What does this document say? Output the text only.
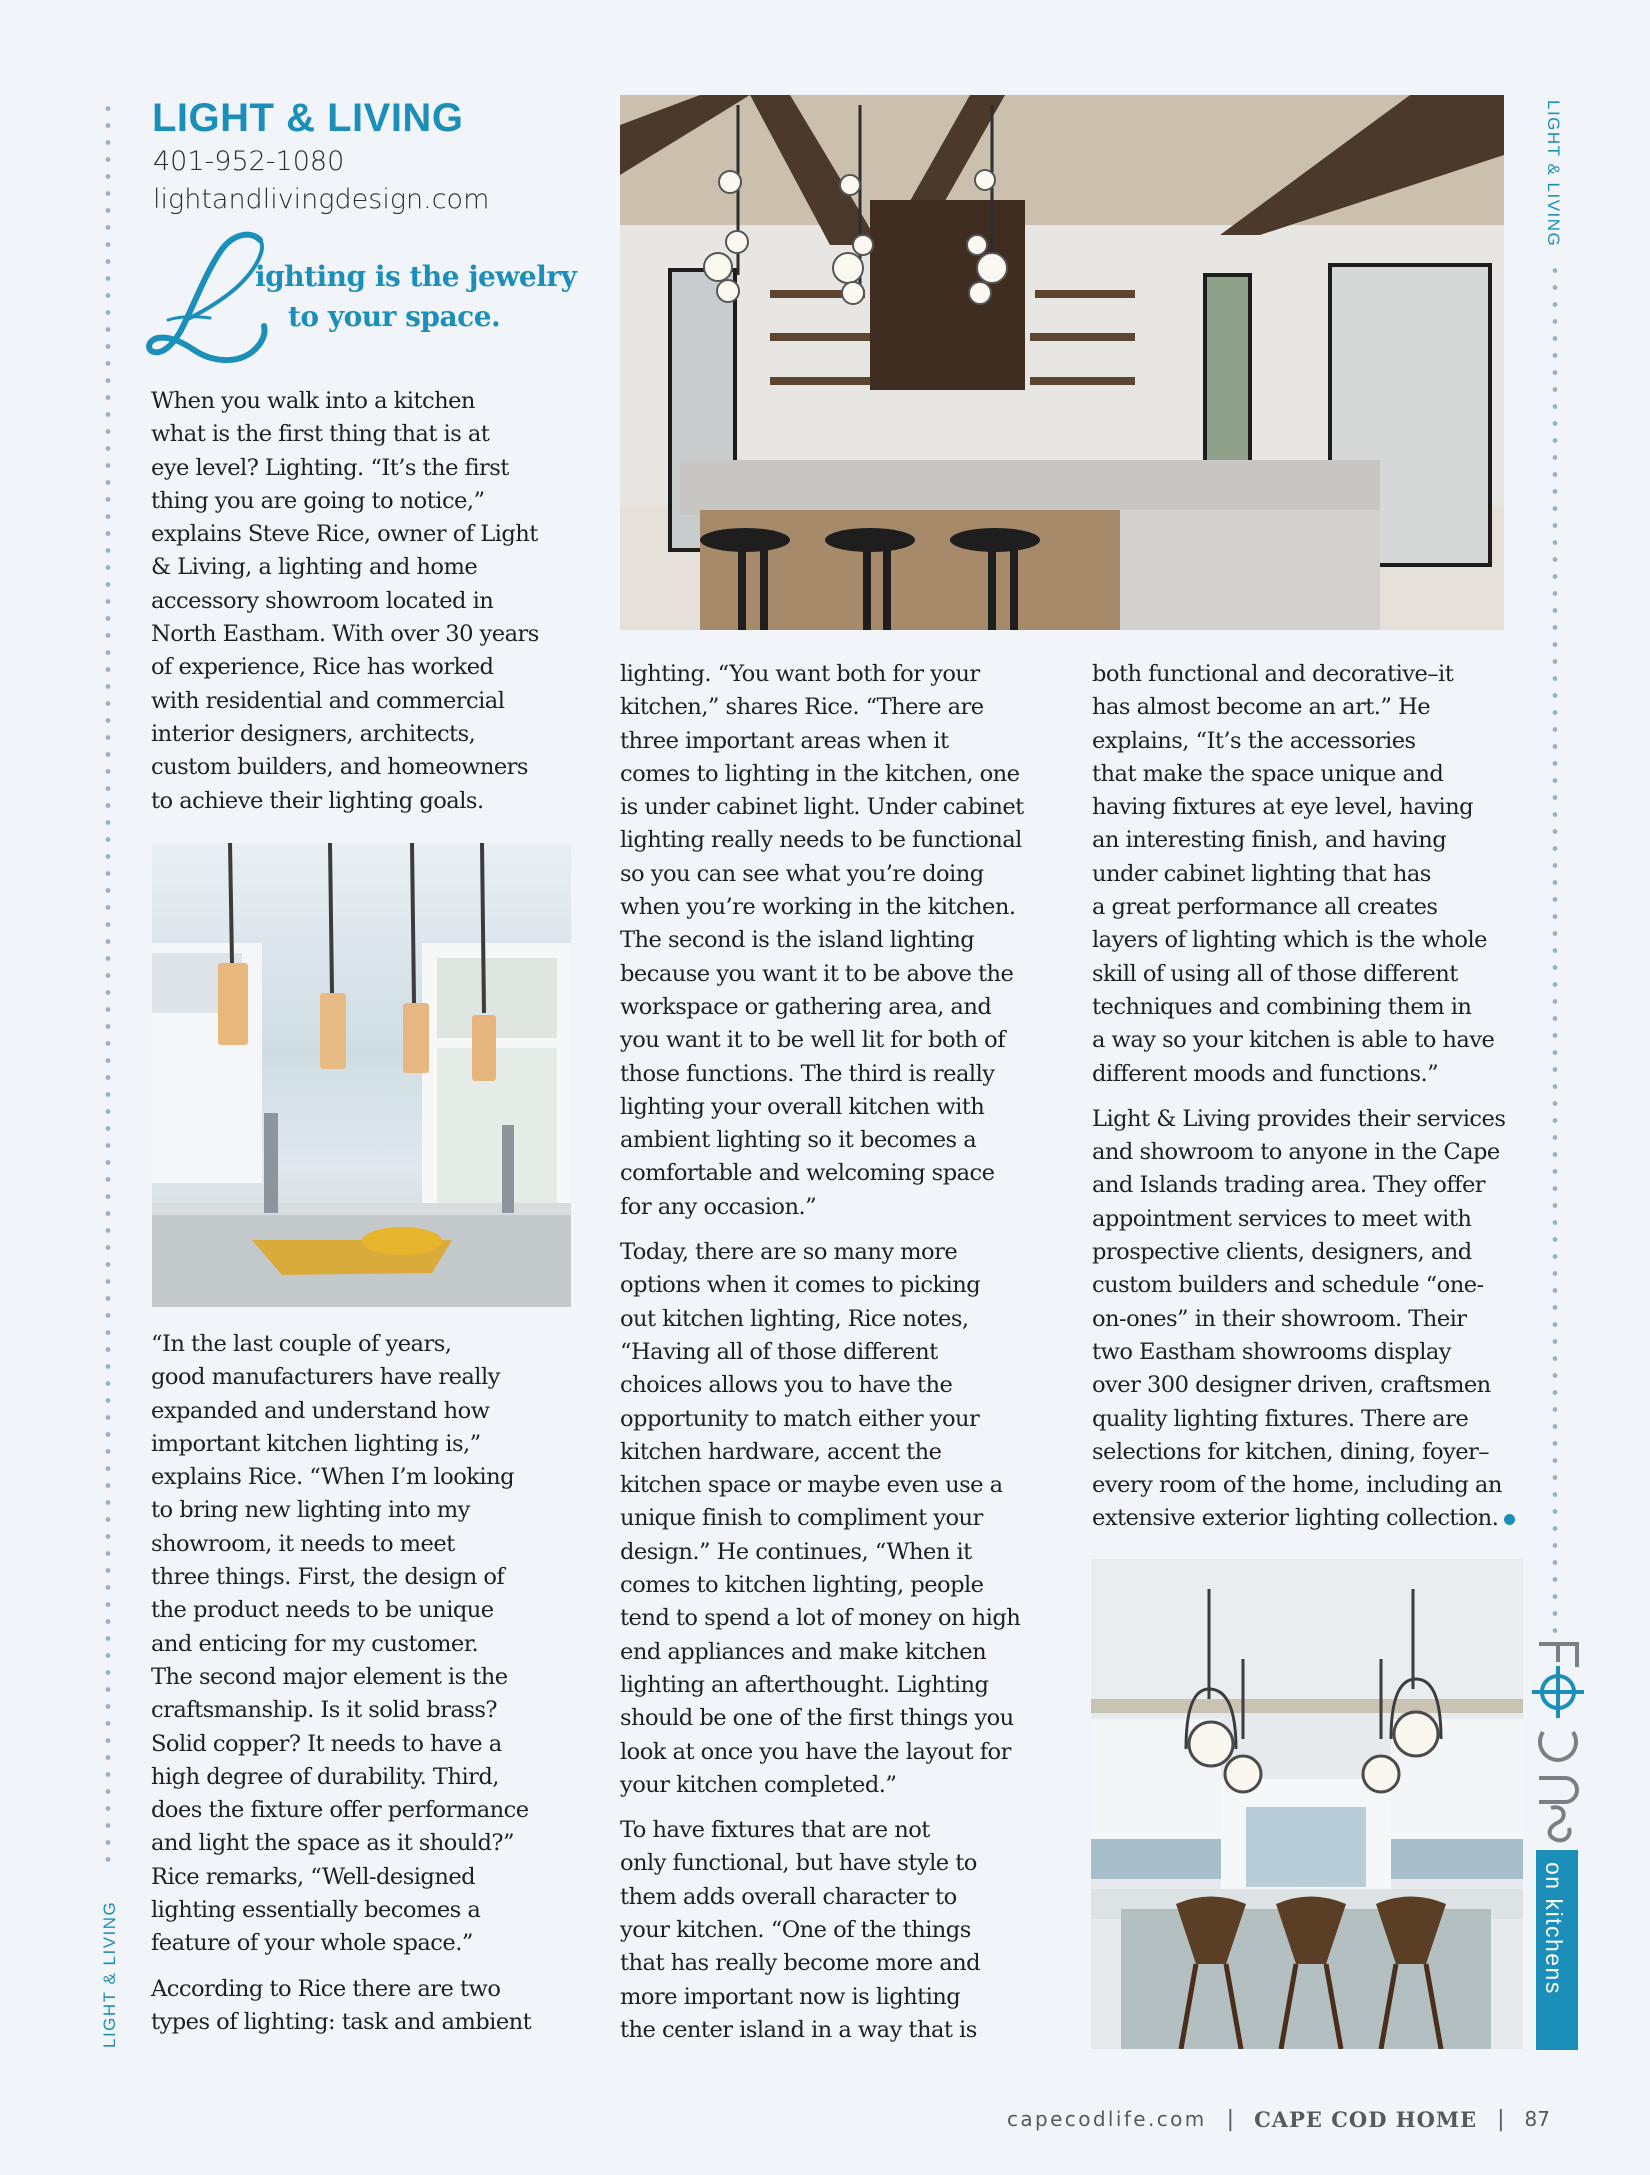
LIGHT & LIVING
401-952-1080
lightandlivingdesign.com
ighting is the jewelry
to your space.

When you walk into a kitchen
what is the first thing that is at
eye level? Lighting. “It’s the first
thing you are going to notice,”
explains Steve Rice, owner of Light
& Living, a lighting and home
accessory showroom located in
North Eastham. With over 30 years
of experience, Rice has worked
with residential and commercial
interior designers, architects,
custom builders, and homeowners
to achieve their lighting goals.

“In the last couple of years,
good manufacturers have really
expanded and understand how
important kitchen lighting is,”
explains Rice. “When I’m looking
to bring new lighting into my
showroom, it needs to meet
three things. First, the design of
the product needs to be unique
and enticing for my customer.
The second major element is the
craftsmanship. Is it solid brass?
Solid copper? It needs to have a
high degree of durability. Third,
does the fixture offer performance
and light the space as it should?”
Rice remarks, “Well-designed
lighting essentially becomes a
feature of your whole space.”

According to Rice there are two
types of lighting: task and ambient

lighting. “You want both for your
kitchen,” shares Rice. “There are
three important areas when it
comes to lighting in the kitchen, one
is under cabinet light. Under cabinet
lighting really needs to be functional
so you can see what you’re doing
when you’re working in the kitchen.
The second is the island lighting
because you want it to be above the
workspace or gathering area, and
you want it to be well lit for both of
those functions. The third is really
lighting your overall kitchen with
ambient lighting so it becomes a
comfortable and welcoming space
for any occasion.”

Today, there are so many more
options when it comes to picking
out kitchen lighting, Rice notes,
“Having all of those different
choices allows you to have the
opportunity to match either your
kitchen hardware, accent the
kitchen space or maybe even use a
unique finish to compliment your
design.” He continues, “When it
comes to kitchen lighting, people
tend to spend a lot of money on high
end appliances and make kitchen
lighting an afterthought. Lighting
should be one of the first things you
look at once you have the layout for
your kitchen completed.”

To have fixtures that are not
only functional, but have style to
them adds overall character to
your kitchen. “One of the things
that has really become more and
more important now is lighting
the center island in a way that is

both functional and decorative–it
has almost become an art.” He
explains, “It’s the accessories
that make the space unique and
having fixtures at eye level, having
an interesting finish, and having
under cabinet lighting that has
a great performance all creates
layers of lighting which is the whole
skill of using all of those different
techniques and combining them in
a way so your kitchen is able to have
different moods and functions.”

Light & Living provides their services
and showroom to anyone in the Cape
and Islands trading area. They offer
appointment services to meet with
prospective clients, designers, and
custom builders and schedule “one-
on-ones” in their showroom. Their
two Eastham showrooms display
over 300 designer driven, craftsmen
quality lighting fixtures. There are
selections for kitchen, dining, foyer–
every room of the home, including an
extensive exterior lighting collection.

LIGHT & LIVING
LIGHT & LIVING	on kitchens
capecodlife.com | CAPE COD HOME | 87
